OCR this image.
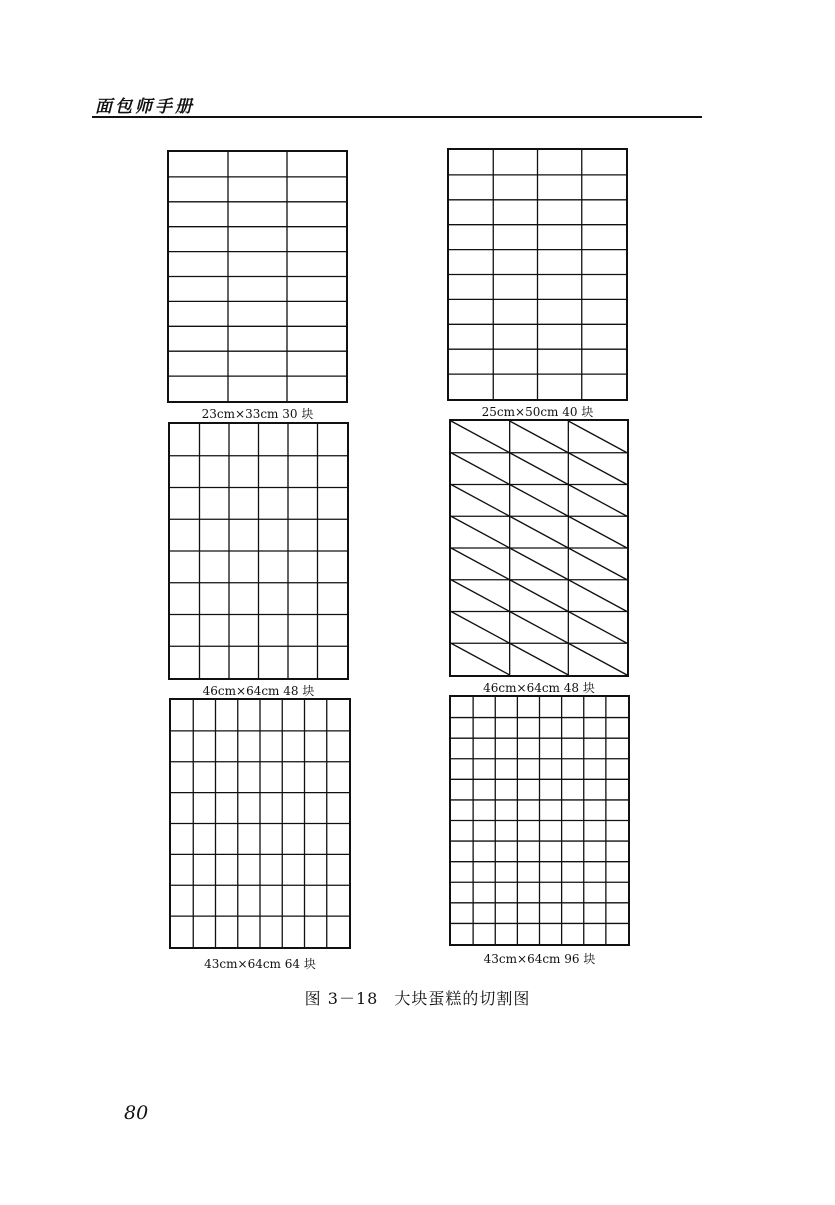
面包师手册
23cm×33cm 30 块	25cm×50cm 40 块
46cm×64cm 48 块	46cm×64cm 48 块
43cm×64cm 64 块	43cm×64cm 96 块
图 3－18 大块蛋糕的切割图
80
